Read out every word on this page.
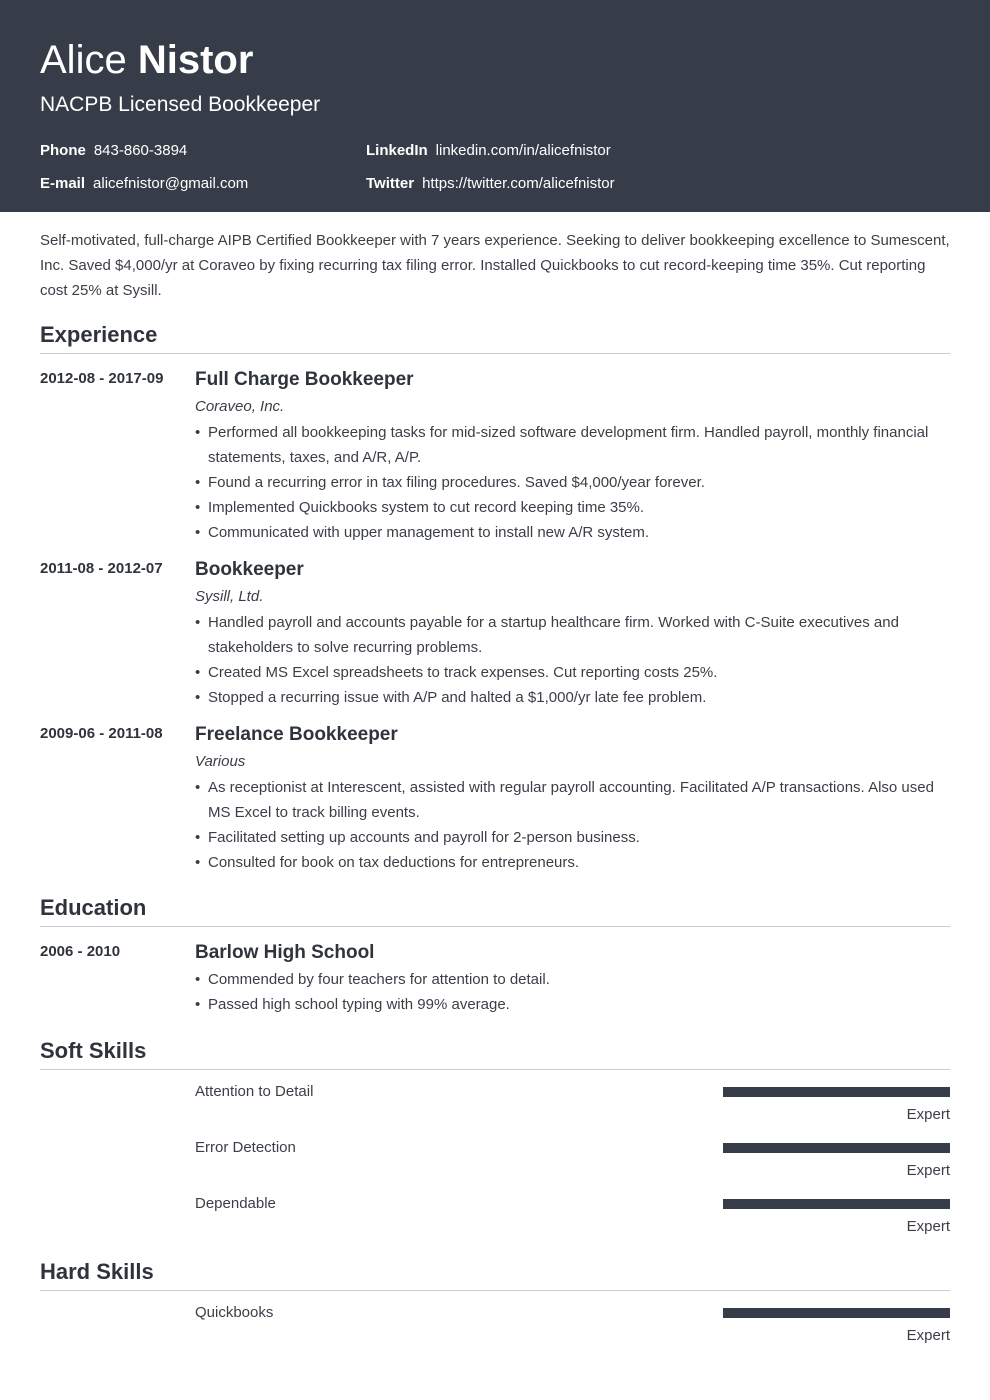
Alice Nistor
NACPB Licensed Bookkeeper
Phone 843-860-3894	LinkedIn linkedin.com/in/alicefnistor
E-mail alicefnistor@gmail.com	Twitter https://twitter.com/alicefnistor
Self-motivated, full-charge AIPB Certified Bookkeeper with 7 years experience. Seeking to deliver bookkeeping excellence to Sumescent, Inc. Saved $4,000/yr at Coraveo by fixing recurring tax filing error. Installed Quickbooks to cut record-keeping time 35%. Cut reporting cost 25% at Sysill.
Experience
2012-08 - 2017-09 Full Charge Bookkeeper
Coraveo, Inc.
• Performed all bookkeeping tasks for mid-sized software development firm. Handled payroll, monthly financial statements, taxes, and A/R, A/P.
• Found a recurring error in tax filing procedures. Saved $4,000/year forever.
• Implemented Quickbooks system to cut record keeping time 35%.
• Communicated with upper management to install new A/R system.
2011-08 - 2012-07 Bookkeeper
Sysill, Ltd.
• Handled payroll and accounts payable for a startup healthcare firm. Worked with C-Suite executives and stakeholders to solve recurring problems.
• Created MS Excel spreadsheets to track expenses. Cut reporting costs 25%.
• Stopped a recurring issue with A/P and halted a $1,000/yr late fee problem.
2009-06 - 2011-08 Freelance Bookkeeper
Various
• As receptionist at Interescent, assisted with regular payroll accounting. Facilitated A/P transactions. Also used MS Excel to track billing events.
• Facilitated setting up accounts and payroll for 2-person business.
• Consulted for book on tax deductions for entrepreneurs.
Education
2006 - 2010	Barlow High School
• Commended by four teachers for attention to detail.
• Passed high school typing with 99% average.
Soft Skills
Attention to Detail
Expert
Error Detection
Expert
Dependable
Expert
Hard Skills
Quickbooks
Expert
